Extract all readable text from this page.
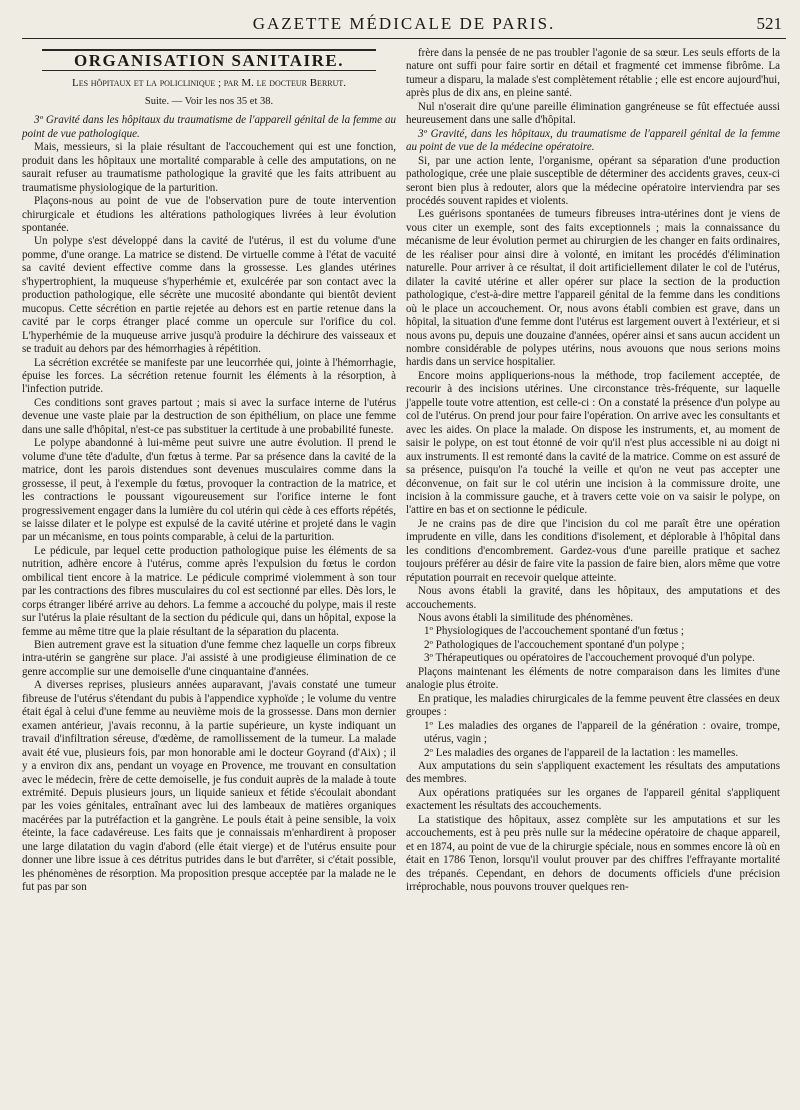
GAZETTE MÉDICALE DE PARIS.	521
ORGANISATION SANITAIRE.
Les hôpitaux et la policlinique ; par M. le docteur Berrut.
Suite. — Voir les nos 35 et 38.

3º Gravité dans les hôpitaux du traumatisme de l'appareil génital de la femme au point de vue pathologique.

Mais, messieurs, si la plaie résultant de l'accouchement qui est une fonction, produit dans les hôpitaux une mortalité comparable à celle des amputations, on ne saurait refuser au traumatisme pathologique la gravité que les faits attribuent au traumatisme physiologique de la parturition.

Plaçons-nous au point de vue de l'observation pure de toute intervention chirurgicale et étudions les altérations pathologiques livrées à leur évolution spontanée.

Un polype s'est développé dans la cavité de l'utérus, il est du volume d'une pomme, d'une orange. La matrice se distend. De virtuelle comme à l'état de vacuité sa cavité devient effective comme dans la grossesse. Les glandes utérines s'hypertrophient, la muqueuse s'hyperhémie et, exulcérée par son contact avec la production pathologique, elle sécrète une mucosité abondante qui bientôt devient mucopus. Cette sécrétion en partie rejetée au dehors est en partie retenue dans la cavité par le corps étranger placé comme un opercule sur l'orifice du col. L'hyperhémie de la muqueuse arrive jusqu'à produire la déchirure des vaisseaux et se traduit au dehors par des hémorrhagies à répétition.

La sécrétion excrétée se manifeste par une leucorrhée qui, jointe à l'hémorrhagie, épuise les forces. La sécrétion retenue fournit les éléments à la résorption, à l'infection putride.

Ces conditions sont graves partout ; mais si avec la surface interne de l'utérus devenue une vaste plaie par la destruction de son épithélium, on place une femme dans une salle d'hôpital, n'est-ce pas substituer la certitude à une probabilité funeste.

Le polype abandonné à lui-même peut suivre une autre évolution. Il prend le volume d'une tête d'adulte, d'un fœtus à terme. Par sa présence dans la cavité de la matrice, dont les parois distendues sont devenues musculaires comme dans la grossesse, il peut, à l'exemple du fœtus, provoquer la contraction de la matrice, et les contractions le poussant vigoureusement sur l'orifice interne le font progressivement engager dans la lumière du col utérin qui cède à ces efforts répétés, se laisse dilater et le polype est expulsé de la cavité utérine et projeté dans le vagin par un mécanisme, en tous points comparable, à celui de la parturition.

Le pédicule, par lequel cette production pathologique puise les éléments de sa nutrition, adhère encore à l'utérus, comme après l'expulsion du fœtus le cordon ombilical tient encore à la matrice. Le pédicule comprimé violemment à son tour par les contractions des fibres musculaires du col est sectionné par elles. Dès lors, le corps étranger libéré arrive au dehors. La femme a accouché du polype, mais il reste sur l'utérus la plaie résultant de la section du pédicule qui, dans un hôpital, expose la femme au même titre que la plaie résultant de la séparation du placenta.

Bien autrement grave est la situation d'une femme chez laquelle un corps fibreux intra-utérin se gangrène sur place. J'ai assisté à une prodigieuse élimination de ce genre accomplie sur une demoiselle d'une cinquantaine d'années.

A diverses reprises, plusieurs années auparavant, j'avais constaté une tumeur fibreuse de l'utérus s'étendant du pubis à l'appendice xyphoïde ; le volume du ventre était égal à celui d'une femme au neuvième mois de la grossesse. Dans mon dernier examen antérieur, j'avais reconnu, à la partie supérieure, un kyste indiquant un travail d'infiltration séreuse, d'œdème, de ramollissement de la tumeur. La malade avait été vue, plusieurs fois, par mon honorable ami le docteur Goyrand (d'Aix) ; il y a environ dix ans, pendant un voyage en Provence, me trouvant en consultation avec le médecin, frère de cette demoiselle, je fus conduit auprès de la malade à toute extrémité. Depuis plusieurs jours, un liquide sanieux et fétide s'écoulait abondant par les voies génitales, entraînant avec lui des lambeaux de matières organiques macérées par la putréfaction et la gangrène. Le pouls était à peine sensible, la voix éteinte, la face cadavéreuse. Les faits que je connaissais m'enhardirent à proposer une large dilatation du vagin d'abord (elle était vierge) et de l'utérus ensuite pour donner une libre issue à ces détritus putrides dans le but d'arrêter, si c'était possible, les phénomènes de résorption. Ma proposition presque acceptée par la malade ne le fut pas par son

frère dans la pensée de ne pas troubler l'agonie de sa sœur. Les seuls efforts de la nature ont suffi pour faire sortir en détail et fragmenté cet immense fibrôme. La tumeur a disparu, la malade s'est complètement rétablie ; elle est encore aujourd'hui, après plus de dix ans, en pleine santé.

Nul n'oserait dire qu'une pareille élimination gangréneuse se fût effectuée aussi heureusement dans une salle d'hôpital.

3º Gravité, dans les hôpitaux, du traumatisme de l'appareil génital de la femme au point de vue de la médecine opératoire.

Si, par une action lente, l'organisme, opérant sa séparation d'une production pathologique, crée une plaie susceptible de déterminer des accidents graves, ceux-ci seront bien plus à redouter, alors que la médecine opératoire interviendra par ses procédés souvent rapides et violents.

Les guérisons spontanées de tumeurs fibreuses intra-utérines dont je viens de vous citer un exemple, sont des faits exceptionnels ; mais la connaissance du mécanisme de leur évolution permet au chirurgien de les changer en faits ordinaires, de les réaliser pour ainsi dire à volonté, en imitant les procédés d'élimination naturelle. Pour arriver à ce résultat, il doit artificiellement dilater le col de l'utérus, dilater la cavité utérine et aller opérer sur place la section de la production pathologique, c'est-à-dire mettre l'appareil génital de la femme dans les conditions où le place un accouchement. Or, nous avons établi combien est grave, dans un hôpital, la situation d'une femme dont l'utérus est largement ouvert à l'extérieur, et si nous avons pu, depuis une douzaine d'années, opérer ainsi et sans aucun accident un nombre considérable de polypes utérins, nous avouons que nous serions moins hardis dans un service hospitalier.

Encore moins appliquerions-nous la méthode, trop facilement acceptée, de recourir à des incisions utérines. Une circonstance très-fréquente, sur laquelle j'appelle toute votre attention, est celle-ci : On a constaté la présence d'un polype au col de l'utérus. On prend jour pour faire l'opération. On arrive avec les consultants et avec les aides. On place la malade. On dispose les instruments, et, au moment de saisir le polype, on est tout étonné de voir qu'il n'est plus accessible ni au doigt ni aux instruments. Il est remonté dans la cavité de la matrice. Comme on est assuré de sa présence, puisqu'on l'a touché la veille et qu'on ne veut pas accepter une déconvenue, on fait sur le col utérin une incision à la commissure droite, une incision à la commissure gauche, et à travers cette voie on va saisir le polype, on l'attire en bas et on sectionne le pédicule.

Je ne crains pas de dire que l'incision du col me paraît être une opération imprudente en ville, dans les conditions d'isolement, et déplorable à l'hôpital dans les conditions d'encombrement. Gardez-vous d'une pareille pratique et sachez toujours préférer au désir de faire vite la passion de faire bien, alors même que votre réputation pourrait en recevoir quelque atteinte.

Nous avons établi la gravité, dans les hôpitaux, des amputations et des accouchements.

Nous avons établi la similitude des phénomènes.

1º Physiologiques de l'accouchement spontané d'un fœtus ;

2º Pathologiques de l'accouchement spontané d'un polype ;

3º Thérapeutiques ou opératoires de l'accouchement provoqué d'un polype.

Plaçons maintenant les éléments de notre comparaison dans les limites d'une analogie plus étroite.

En pratique, les maladies chirurgicales de la femme peuvent être classées en deux groupes :

1º Les maladies des organes de l'appareil de la génération : ovaire, trompe, utérus, vagin ;

2º Les maladies des organes de l'appareil de la lactation : les mamelles.

Aux amputations du sein s'appliquent exactement les résultats des amputations des membres.

Aux opérations pratiquées sur les organes de l'appareil génital s'appliquent exactement les résultats des accouchements.

La statistique des hôpitaux, assez complète sur les amputations et sur les accouchements, est à peu près nulle sur la médecine opératoire de chaque appareil, et en 1874, au point de vue de la chirurgie spéciale, nous en sommes encore là où en était en 1786 Tenon, lorsqu'il voulut prouver par des chiffres l'effrayante mortalité des trépanés. Cependant, en dehors de documents officiels d'une précision irréprochable, nous pouvons trouver quelques ren-
